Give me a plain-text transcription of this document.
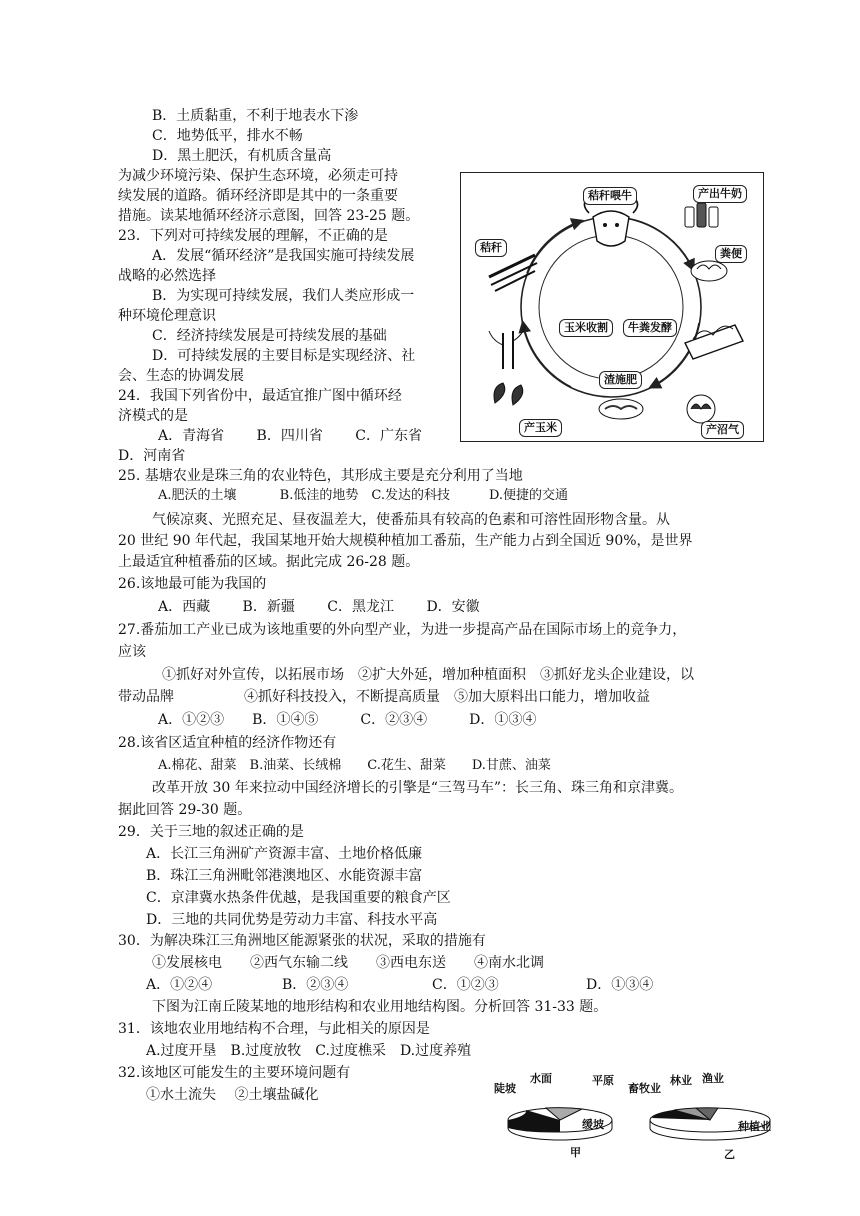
B．土质黏重，不利于地表水下渗
C．地势低平，排水不畅
D．黑土肥沃，有机质含量高
为减少环境污染、保护生态环境，必须走可持
续发展的道路。循环经济即是其中的一条重要
措施。读某地循环经济示意图，回答 23-25 题。
23．下列对可持续发展的理解，不正确的是
A．发展“循环经济”是我国实施可持续发展
战略的必然选择
B．为实现可持续发展，我们人类应形成一
种环境伦理意识
C．经济持续发展是可持续发展的基础
D．可持续发展的主要目标是实现经济、社
会、生态的协调发展
24．我国下列省份中，最适宜推广图中循环经
济模式的是
A．青海省　　 B．四川省　　 C．广东省
D．河南省
25. 基塘农业是珠三角的农业特色，其形成主要是充分利用了当地
A.肥沃的土壤　　　 B.低洼的地势　C.发达的科技　　　D.便捷的交通
气候凉爽、光照充足、昼夜温差大，使番茄具有较高的色素和可溶性固形物含量。从
20 世纪 90 年代起，我国某地开始大规模种植加工番茄，生产能力占到全国近 90%，是世界
上最适宜种植番茄的区域。据此完成 26-28 题。
26.该地最可能为我国的
A．西藏　　 B．新疆　　 C．黑龙江　　 D．安徽
27.番茄加工产业已成为该地重要的外向型产业，为进一步提高产品在国际市场上的竞争力，
应该
①抓好对外宣传，以拓展市场　②扩大外延，增加种植面积　③抓好龙头企业建设，以
带动品牌　　　　　④抓好科技投入，不断提高质量　⑤加大原料出口能力，增加收益
A．①②③　　B．①④⑤　　　C．②③④　　　D．①③④
28.该省区适宜种植的经济作物还有
A.棉花、甜菜　B.油菜、长绒棉　　C.花生、甜菜　　D.甘蔗、油菜
改革开放 30 年来拉动中国经济增长的引擎是“三驾马车”：长三角、珠三角和京津冀。
据此回答 29-30 题。
29．关于三地的叙述正确的是
A．长江三角洲矿产资源丰富、土地价格低廉
B．珠江三角洲毗邻港澳地区、水能资源丰富
C．京津冀水热条件优越，是我国重要的粮食产区
D．三地的共同优势是劳动力丰富、科技水平高
30．为解决珠江三角洲地区能源紧张的状况，采取的措施有
①发展核电　　②西气东输二线　　③西电东送　　④南水北调
A．①②④	B．②③④	C．①②③	D．①③④
下图为江南丘陵某地的地形结构和农业用地结构图。分析回答 31-33 题。
31．该地农业用地结构不合理，与此相关的原因是
A.过度开垦　B.过度放牧　C.过度樵采　D.过度养殖
32.该地区可能发生的主要环境问题有
①水土流失　 ②土壤盐碱化
秸秆喂牛	产出牛奶
粪便
秸秆
玉米收割	牛粪发酵
渣施肥
产玉米	产沼气
陡坡
水面	平原
缓坡
甲
畜牧业
林业 渔业
种植业
乙
